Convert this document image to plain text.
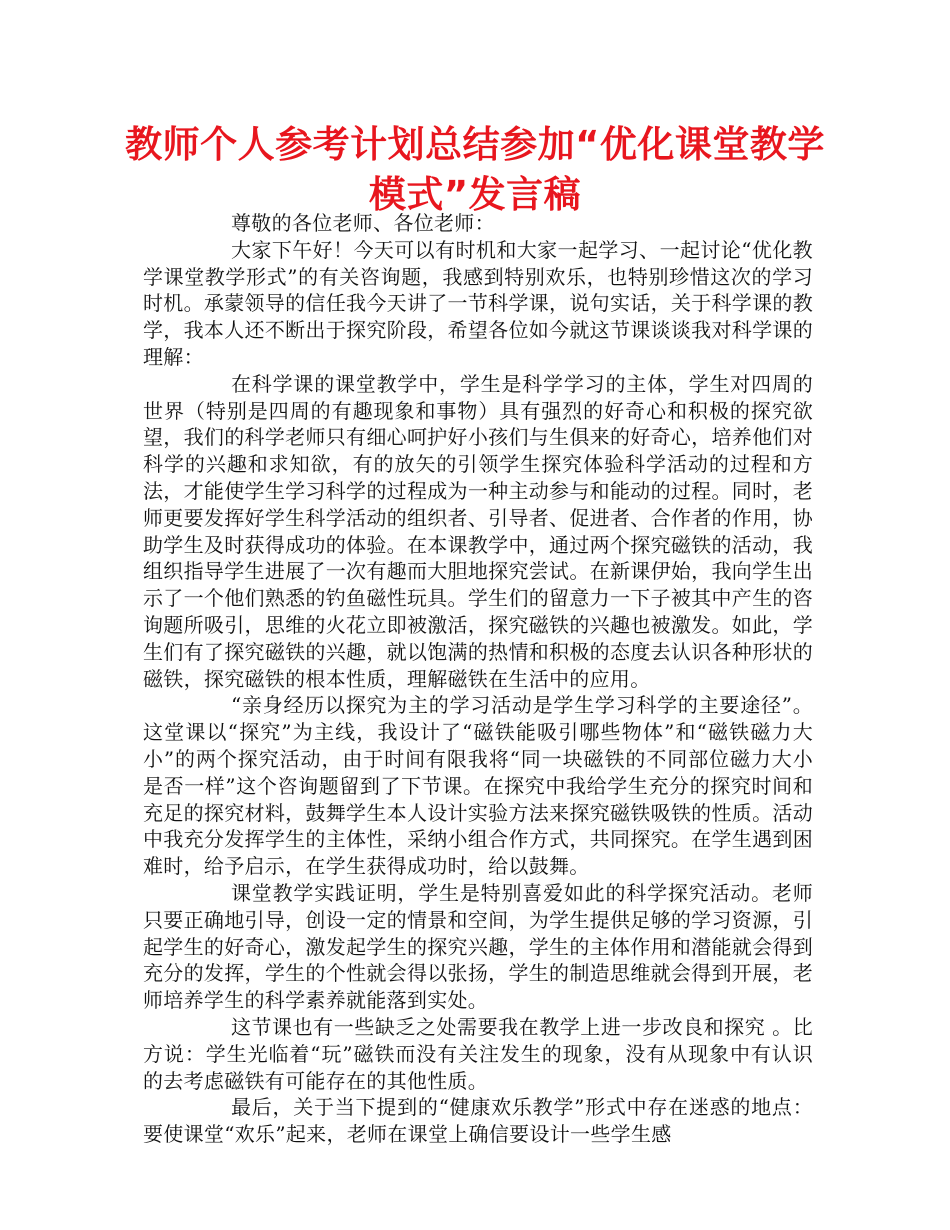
教师个人参考计划总结参加“优化课堂教学模式”发言稿

尊敬的各位老师、各位老师：

大家下午好！今天可以有时机和大家一起学习、一起讨论“优化教学课堂教学形式”的有关咨询题，我感到特别欢乐，也特别珍惜这次的学习时机。承蒙领导的信任我今天讲了一节科学课，说句实话，关于科学课的教学，我本人还不断出于探究阶段，希望各位如今就这节课谈谈我对科学课的理解：

在科学课的课堂教学中，学生是科学学习的主体，学生对四周的世界（特别是四周的有趣现象和事物）具有强烈的好奇心和积极的探究欲望，我们的科学老师只有细心呵护好小孩们与生俱来的好奇心，培养他们对科学的兴趣和求知欲，有的放矢的引领学生探究体验科学活动的过程和方法，才能使学生学习科学的过程成为一种主动参与和能动的过程。同时，老师更要发挥好学生科学活动的组织者、引导者、促进者、合作者的作用，协助学生及时获得成功的体验。在本课教学中，通过两个探究磁铁的活动，我组织指导学生进展了一次有趣而大胆地探究尝试。在新课伊始，我向学生出示了一个他们熟悉的钓鱼磁性玩具。学生们的留意力一下子被其中产生的咨询题所吸引，思维的火花立即被激活，探究磁铁的兴趣也被激发。如此，学生们有了探究磁铁的兴趣，就以饱满的热情和积极的态度去认识各种形状的磁铁，探究磁铁的根本性质，理解磁铁在生活中的应用。

“亲身经历以探究为主的学习活动是学生学习科学的主要途径”。这堂课以“探究”为主线，我设计了“磁铁能吸引哪些物体”和“磁铁磁力大小”的两个探究活动，由于时间有限我将“同一块磁铁的不同部位磁力大小是否一样”这个咨询题留到了下节课。在探究中我给学生充分的探究时间和充足的探究材料，鼓舞学生本人设计实验方法来探究磁铁吸铁的性质。活动中我充分发挥学生的主体性，采纳小组合作方式，共同探究。在学生遇到困难时，给予启示，在学生获得成功时，给以鼓舞。

课堂教学实践证明，学生是特别喜爱如此的科学探究活动。老师只要正确地引导，创设一定的情景和空间，为学生提供足够的学习资源，引起学生的好奇心，激发起学生的探究兴趣，学生的主体作用和潜能就会得到充分的发挥，学生的个性就会得以张扬，学生的制造思维就会得到开展，老师培养学生的科学素养就能落到实处。

这节课也有一些缺乏之处需要我在教学上进一步改良和探究 。比方说：学生光临着“玩”磁铁而没有关注发生的现象，没有从现象中有认识的去考虑磁铁有可能存在的其他性质。

最后，关于当下提到的“健康欢乐教学”形式中存在迷惑的地点：要使课堂“欢乐”起来，老师在课堂上确信要设计一些学生感
